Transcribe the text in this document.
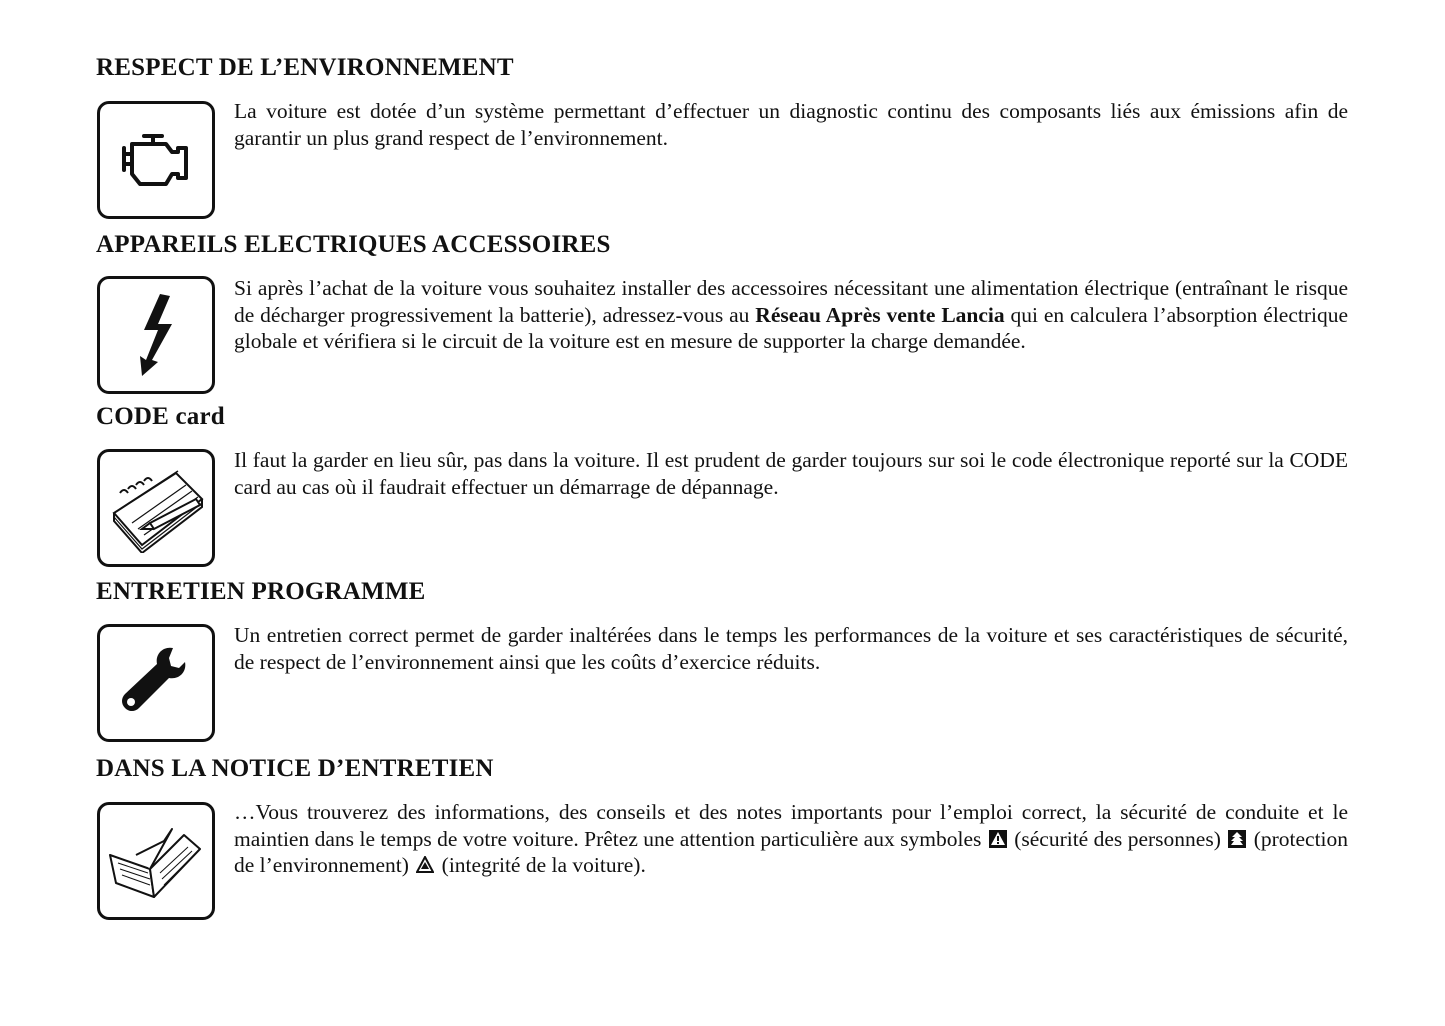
RESPECT DE L’ENVIRONNEMENT

La voiture est dotée d’un système permettant d’effectuer un diagnostic continu des composants liés aux émissions afin de garantir un plus grand respect de l’environnement.

APPAREILS ELECTRIQUES ACCESSOIRES

Si après l’achat de la voiture vous souhaitez installer des accessoires nécessitant une alimentation électrique (entraînant le risque de décharger progressivement la batterie), adressez-vous au Réseau Après vente Lancia qui en calculera l’absorption électrique globale et vérifiera si le circuit de la voiture est en mesure de supporter la charge demandée.

CODE card

Il faut la garder en lieu sûr, pas dans la voiture. Il est prudent de garder toujours sur soi le code électronique reporté sur la CODE card au cas où il faudrait effectuer un démarrage de dépannage.

ENTRETIEN PROGRAMME

Un entretien correct permet de garder inaltérées dans le temps les performances de la voiture et ses caractéristiques de sécurité, de respect de l’environnement ainsi que les coûts d’exercice réduits.

DANS LA NOTICE D’ENTRETIEN

…Vous trouverez des informations, des conseils et des notes importants pour l’emploi correct, la sécurité de conduite et le maintien dans le temps de votre voiture. Prêtez une attention particulière aux symboles (sécurité des personnes) (protection de l’environnement) (integrité de la voiture).
